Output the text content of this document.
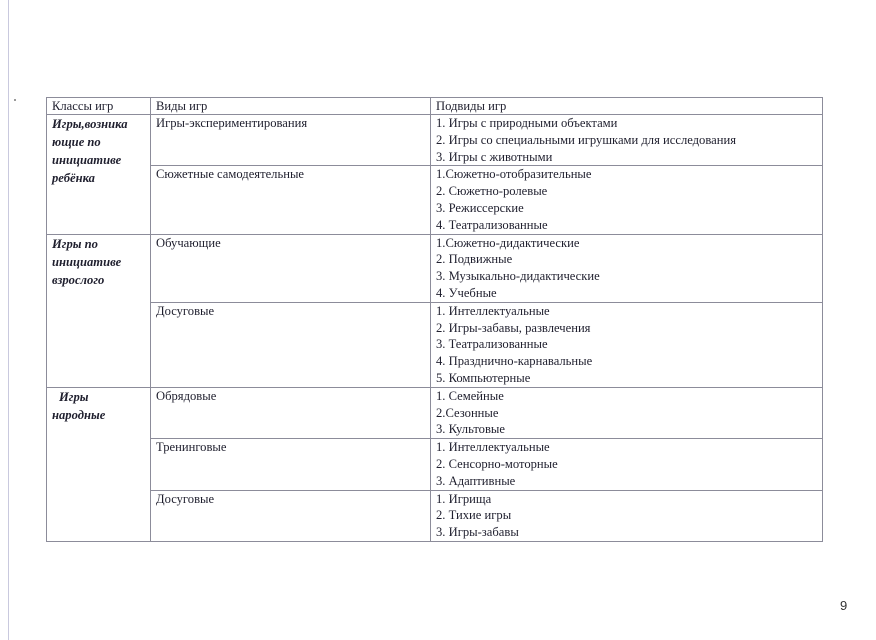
Классы игр	Виды игр	Подвиды игр

Игры,возника
ющие по
инициативе
ребёнка	Игры-экспериментирования	1. Игры с природными объектами
2. Игры со специальными игрушками для исследования
3. Игры с животными

	Сюжетные самодеятельные	1.Сюжетно-отобразительные
2. Сюжетно-ролевые
3. Режиссерские
4. Театрализованные

Игры по
инициативе
взрослого	Обучающие	1.Сюжетно-дидактические
2. Подвижные
3. Музыкально-дидактические
4. Учебные

	Досуговые	1. Интеллектуальные
2. Игры-забавы, развлечения
3. Театрализованные
4. Празднично-карнавальные
5. Компьютерные

Игры
народные	Обрядовые	1. Семейные
2.Сезонные
3. Культовые

	Тренинговые	1. Интеллектуальные
2. Сенсорно-моторные
3. Адаптивные

	Досуговые	1. Игрища
2. Тихие игры
3. Игры-забавы
9
